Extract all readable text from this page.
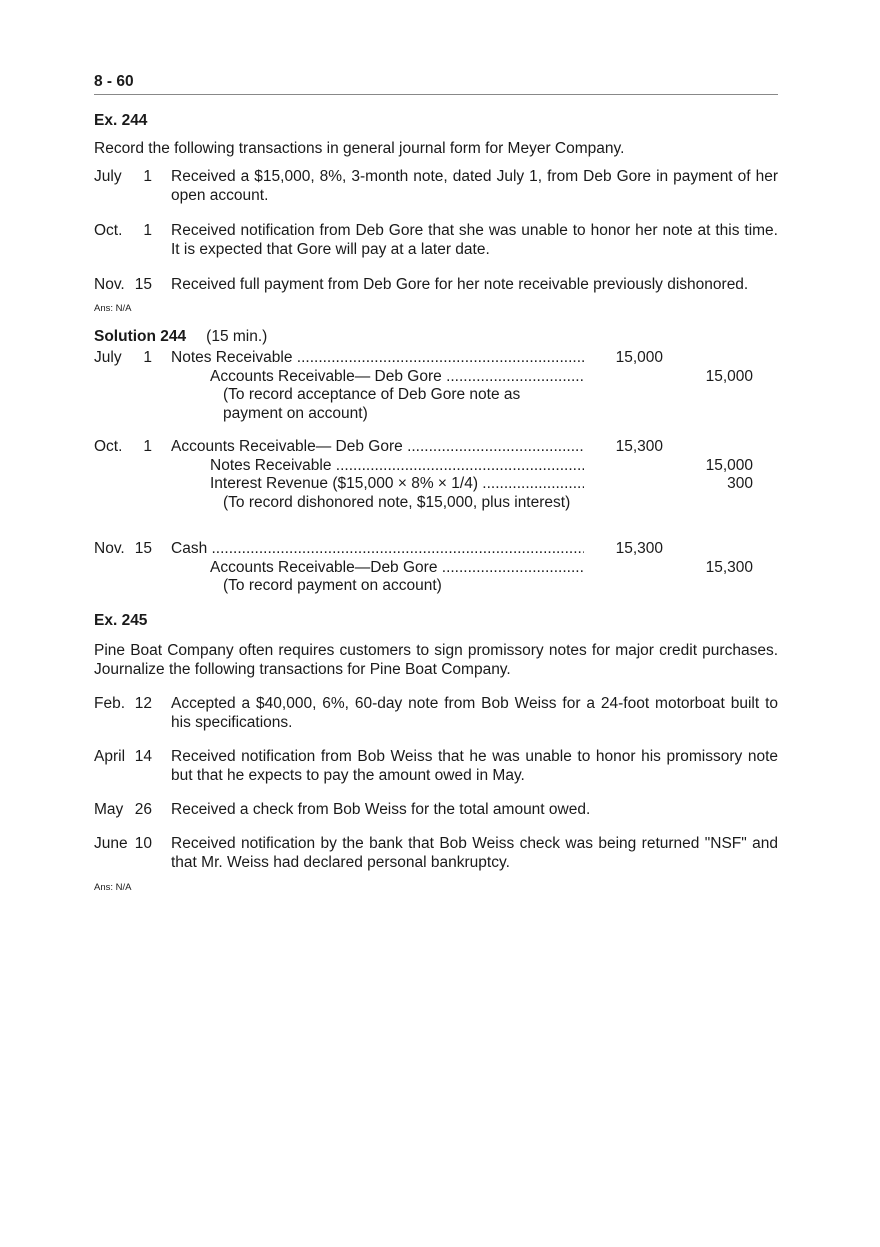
8 - 60
Ex. 244
Record the following transactions in general journal form for Meyer Company.
July	1 Received a $15,000, 8%, 3-month note, dated July 1, from Deb Gore in payment of her open account.
Oct.	1 Received notification from Deb Gore that she was unable to honor her note at this time. It is expected that Gore will pay at a later date.
Nov. 15 Received full payment from Deb Gore for her note receivable previously dishonored.
Ans: N/A
Solution 244 (15 min.)
July	1 Notes Receivable .....	15,000
Accounts Receivable— Deb Gore .....	15,000
(To record acceptance of Deb Gore note as
payment on account)
Oct.	1 Accounts Receivable— Deb Gore .....	15,300
Notes Receivable .....	15,000
Interest Revenue ($15,000 × 8% × 1/4) .....	300
(To record dishonored note, $15,000, plus interest)
Nov. 15 Cash .....	15,300
Accounts Receivable—Deb Gore .....	15,300
(To record payment on account)
Ex. 245
Pine Boat Company often requires customers to sign promissory notes for major credit purchases. Journalize the following transactions for Pine Boat Company.
Feb. 12 Accepted a $40,000, 6%, 60-day note from Bob Weiss for a 24-foot motorboat built to his specifications.
April 14 Received notification from Bob Weiss that he was unable to honor his promissory note but that he expects to pay the amount owed in May.
May 26 Received a check from Bob Weiss for the total amount owed.
June 10 Received notification by the bank that Bob Weiss check was being returned "NSF" and that Mr. Weiss had declared personal bankruptcy.
Ans: N/A
